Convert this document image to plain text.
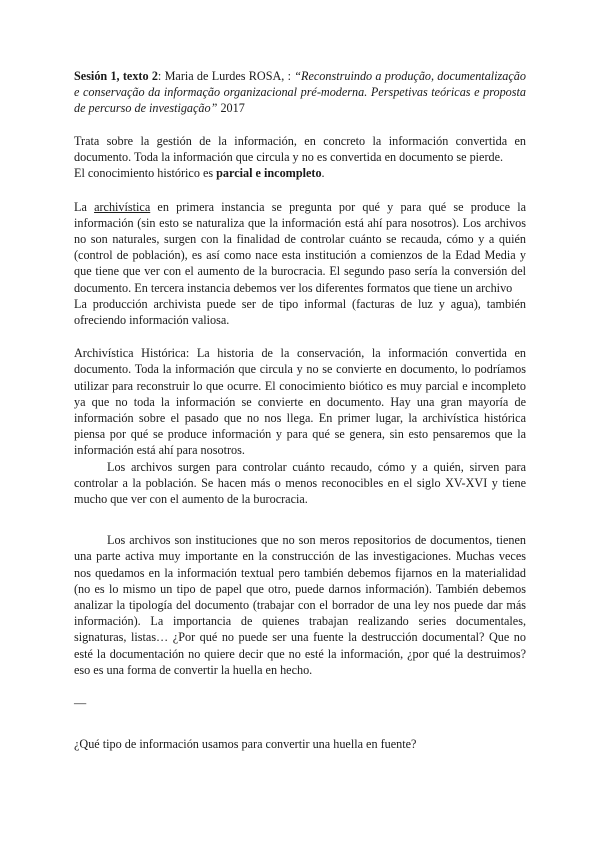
Sesión 1, texto 2: Maria de Lurdes ROSA, : “Reconstruindo a produção, documentalização e conservação da informação organizacional pré-moderna. Perspetivas teóricas e proposta de percurso de investigação” 2017

Trata sobre la gestión de la información, en concreto la información convertida en documento. Toda la información que circula y no es convertida en documento se pierde.

El conocimiento histórico es parcial e incompleto.

La archivística en primera instancia se pregunta por qué y para qué se produce la información (sin esto se naturaliza que la información está ahí para nosotros). Los archivos no son naturales, surgen con la finalidad de controlar cuánto se recauda, cómo y a quién (control de población), es así como nace esta institución a comienzos de la Edad Media y que tiene que ver con el aumento de la burocracia. El segundo paso sería la conversión del documento. En tercera instancia debemos ver los diferentes formatos que tiene un archivo

La producción archivista puede ser de tipo informal (facturas de luz y agua), también ofreciendo información valiosa.

Archivística Histórica: La historia de la conservación, la información convertida en documento. Toda la información que circula y no se convierte en documento, lo podríamos utilizar para reconstruir lo que ocurre. El conocimiento biótico es muy parcial e incompleto ya que no toda la información se convierte en documento. Hay una gran mayoría de información sobre el pasado que no nos llega. En primer lugar, la archivística histórica piensa por qué se produce información y para qué se genera, sin esto pensaremos que la información está ahí para nosotros.

Los archivos surgen para controlar cuánto recaudo, cómo y a quién, sirven para controlar a la población. Se hacen más o menos reconocibles en el siglo XV-XVI y tiene mucho que ver con el aumento de la burocracia.

Los archivos son instituciones que no son meros repositorios de documentos, tienen una parte activa muy importante en la construcción de las investigaciones. Muchas veces nos quedamos en la información textual pero también debemos fijarnos en la materialidad (no es lo mismo un tipo de papel que otro, puede darnos información). También debemos analizar la tipología del documento (trabajar con el borrador de una ley nos puede dar más información). La importancia de quienes trabajan realizando series documentales, signaturas, listas… ¿Por qué no puede ser una fuente la destrucción documental? Que no esté la documentación no quiere decir que no esté la información, ¿por qué la destruimos? eso es una forma de convertir la huella en hecho.

—

¿Qué tipo de información usamos para convertir una huella en fuente?
